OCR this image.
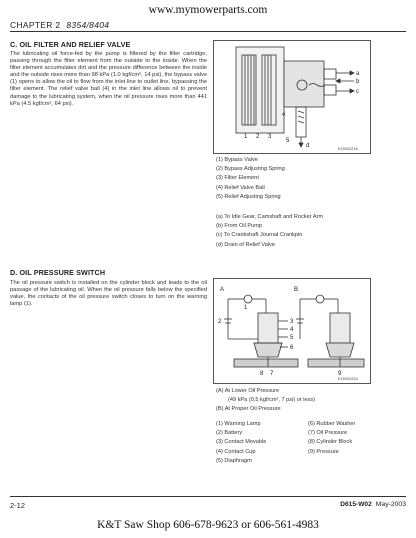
www.mymowerparts.com
CHAPTER 2 8354/8404
C. OIL FILTER AND RELIEF VALVE
The lubricating oil force-fed by the pump is filtered by the filter cartridge, passing through the filter element from the outside to the inside. When the filter element accumulates dirt and the pressure difference between the inside and the outside rises more than 98 kPa (1.0 kgf/cm², 14 psi), the bypass valve (1) opens to allow the oil to flow from the inlet line to outlet line, bypassing the filter element. The relief valve ball (4) in the inlet line allows oil to prevent damage to the lubricating system, when the oil pressure rises more than 441 kPa (4.5 kgf/cm², 64 psi).
a
b
c
d
1 2 3
4
5
E1500221A
(1) Bypass Valve
(2) Bypass Adjusting Spring
(3) Filter Element
(4) Relief Valve Ball
(5) Relief Adjusting Spring
(a) To Idle Gear, Camshaft and Rocker Arm
(b) From Oil Pump
(c) To Crankshaft Journal Crankpin
(d) Drain of Relief Valve
D. OIL PRESSURE SWITCH
The oil pressure switch is installed on the cylinder block and leads to the oil passage of the lubricating oil. When the oil pressure falls below the specified value, the contacts of the oil pressure switch closes to turn on the warning lamp (1).
A	B
1
2	3
4
5
6
7
8	9
E1500222A
(A) At Lower Oil Pressure
(49 kPa (0,5 kgf/cm², 7 psi) or less)
(B) At Proper Oil Pressure
(1) Warning Lamp	(6) Rubber Washer
(2) Battery	(7) Oil Pressure
(3) Contact Movable	(8) Cylinder Block
(4) Contact Cup	(9) Pressure
(5) Diaphragm
2-12	D615-W02 May-2003
K&T Saw Shop 606-678-9623 or 606-561-4983
